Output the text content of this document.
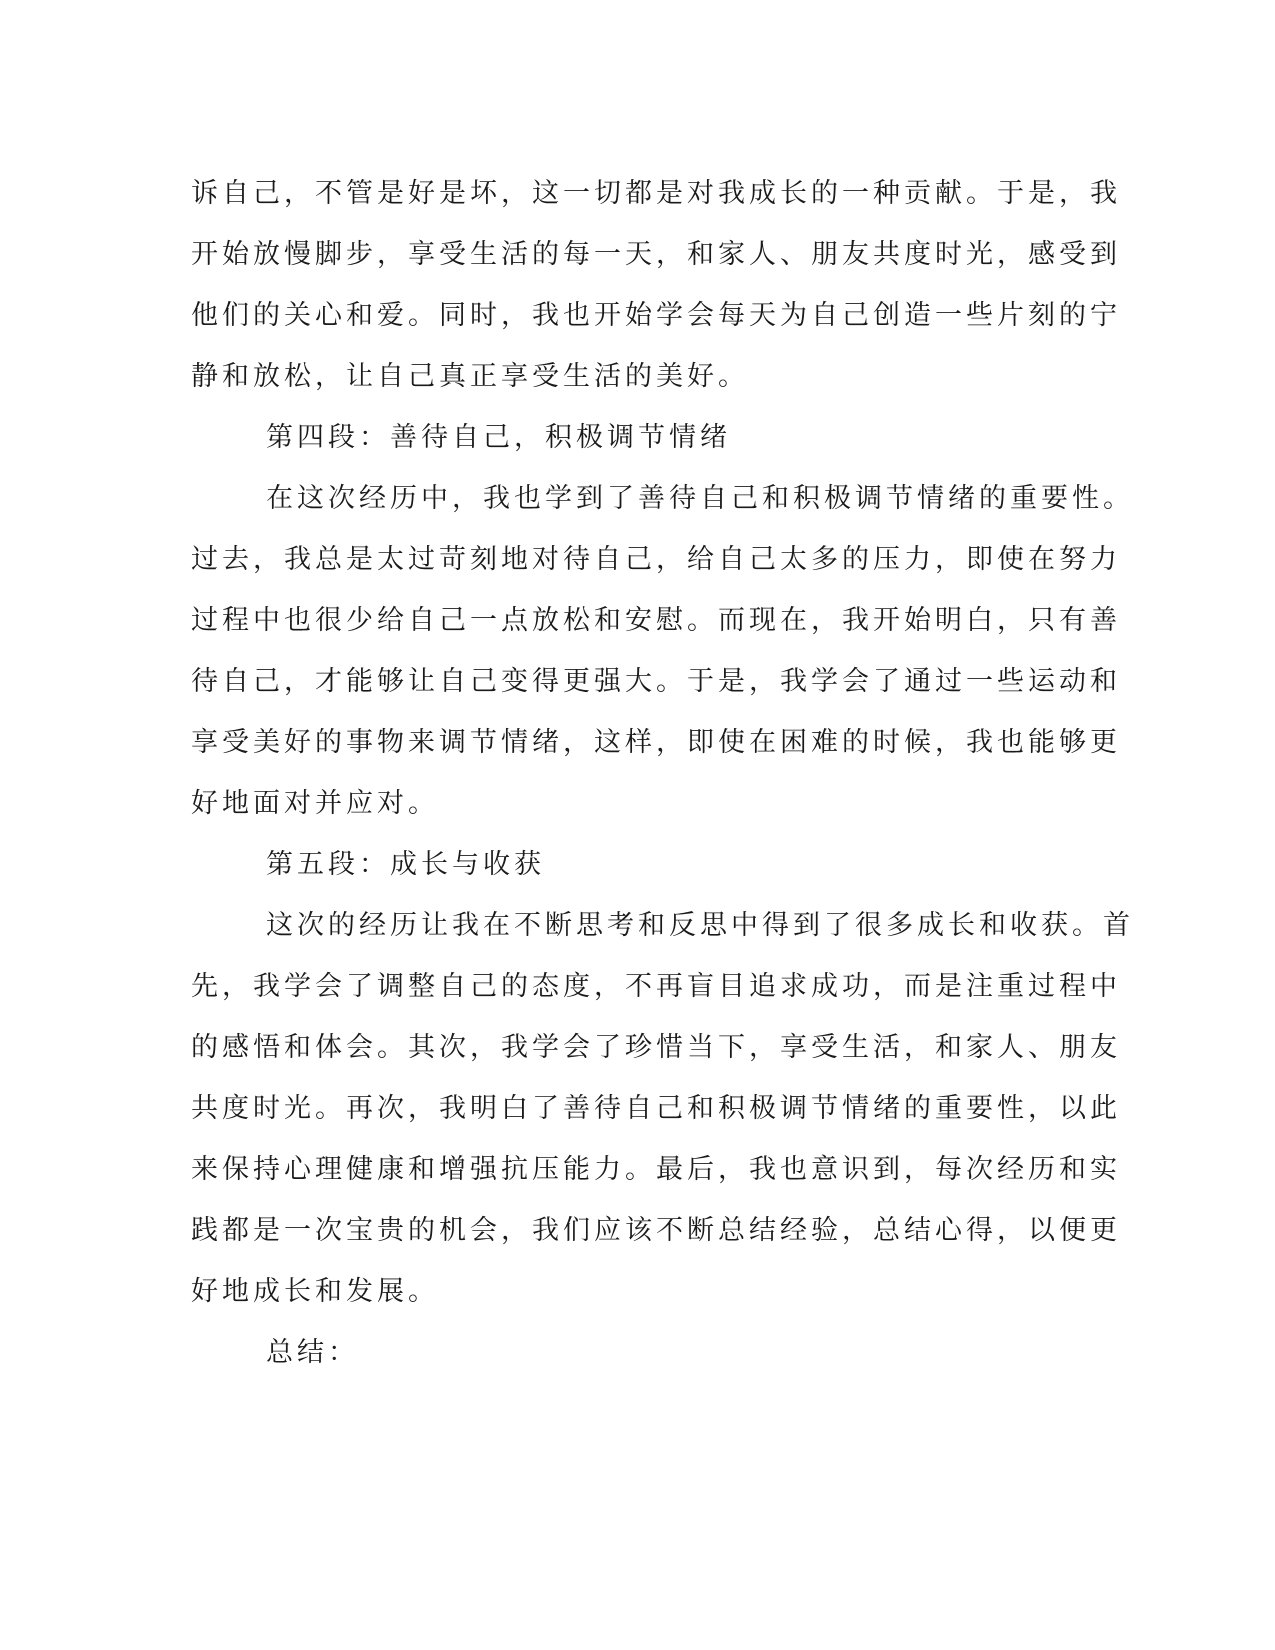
诉自己，不管是好是坏，这一切都是对我成长的一种贡献。于是，我
开始放慢脚步，享受生活的每一天，和家人、朋友共度时光，感受到
他们的关心和爱。同时，我也开始学会每天为自己创造一些片刻的宁
静和放松，让自己真正享受生活的美好。
第四段：善待自己，积极调节情绪
在这次经历中，我也学到了善待自己和积极调节情绪的重要性。
过去，我总是太过苛刻地对待自己，给自己太多的压力，即使在努力
过程中也很少给自己一点放松和安慰。而现在，我开始明白，只有善
待自己，才能够让自己变得更强大。于是，我学会了通过一些运动和
享受美好的事物来调节情绪，这样，即使在困难的时候，我也能够更
好地面对并应对。
第五段：成长与收获
这次的经历让我在不断思考和反思中得到了很多成长和收获。首
先，我学会了调整自己的态度，不再盲目追求成功，而是注重过程中
的感悟和体会。其次，我学会了珍惜当下，享受生活，和家人、朋友
共度时光。再次，我明白了善待自己和积极调节情绪的重要性，以此
来保持心理健康和增强抗压能力。最后，我也意识到，每次经历和实
践都是一次宝贵的机会，我们应该不断总结经验，总结心得，以便更
好地成长和发展。
总结：
